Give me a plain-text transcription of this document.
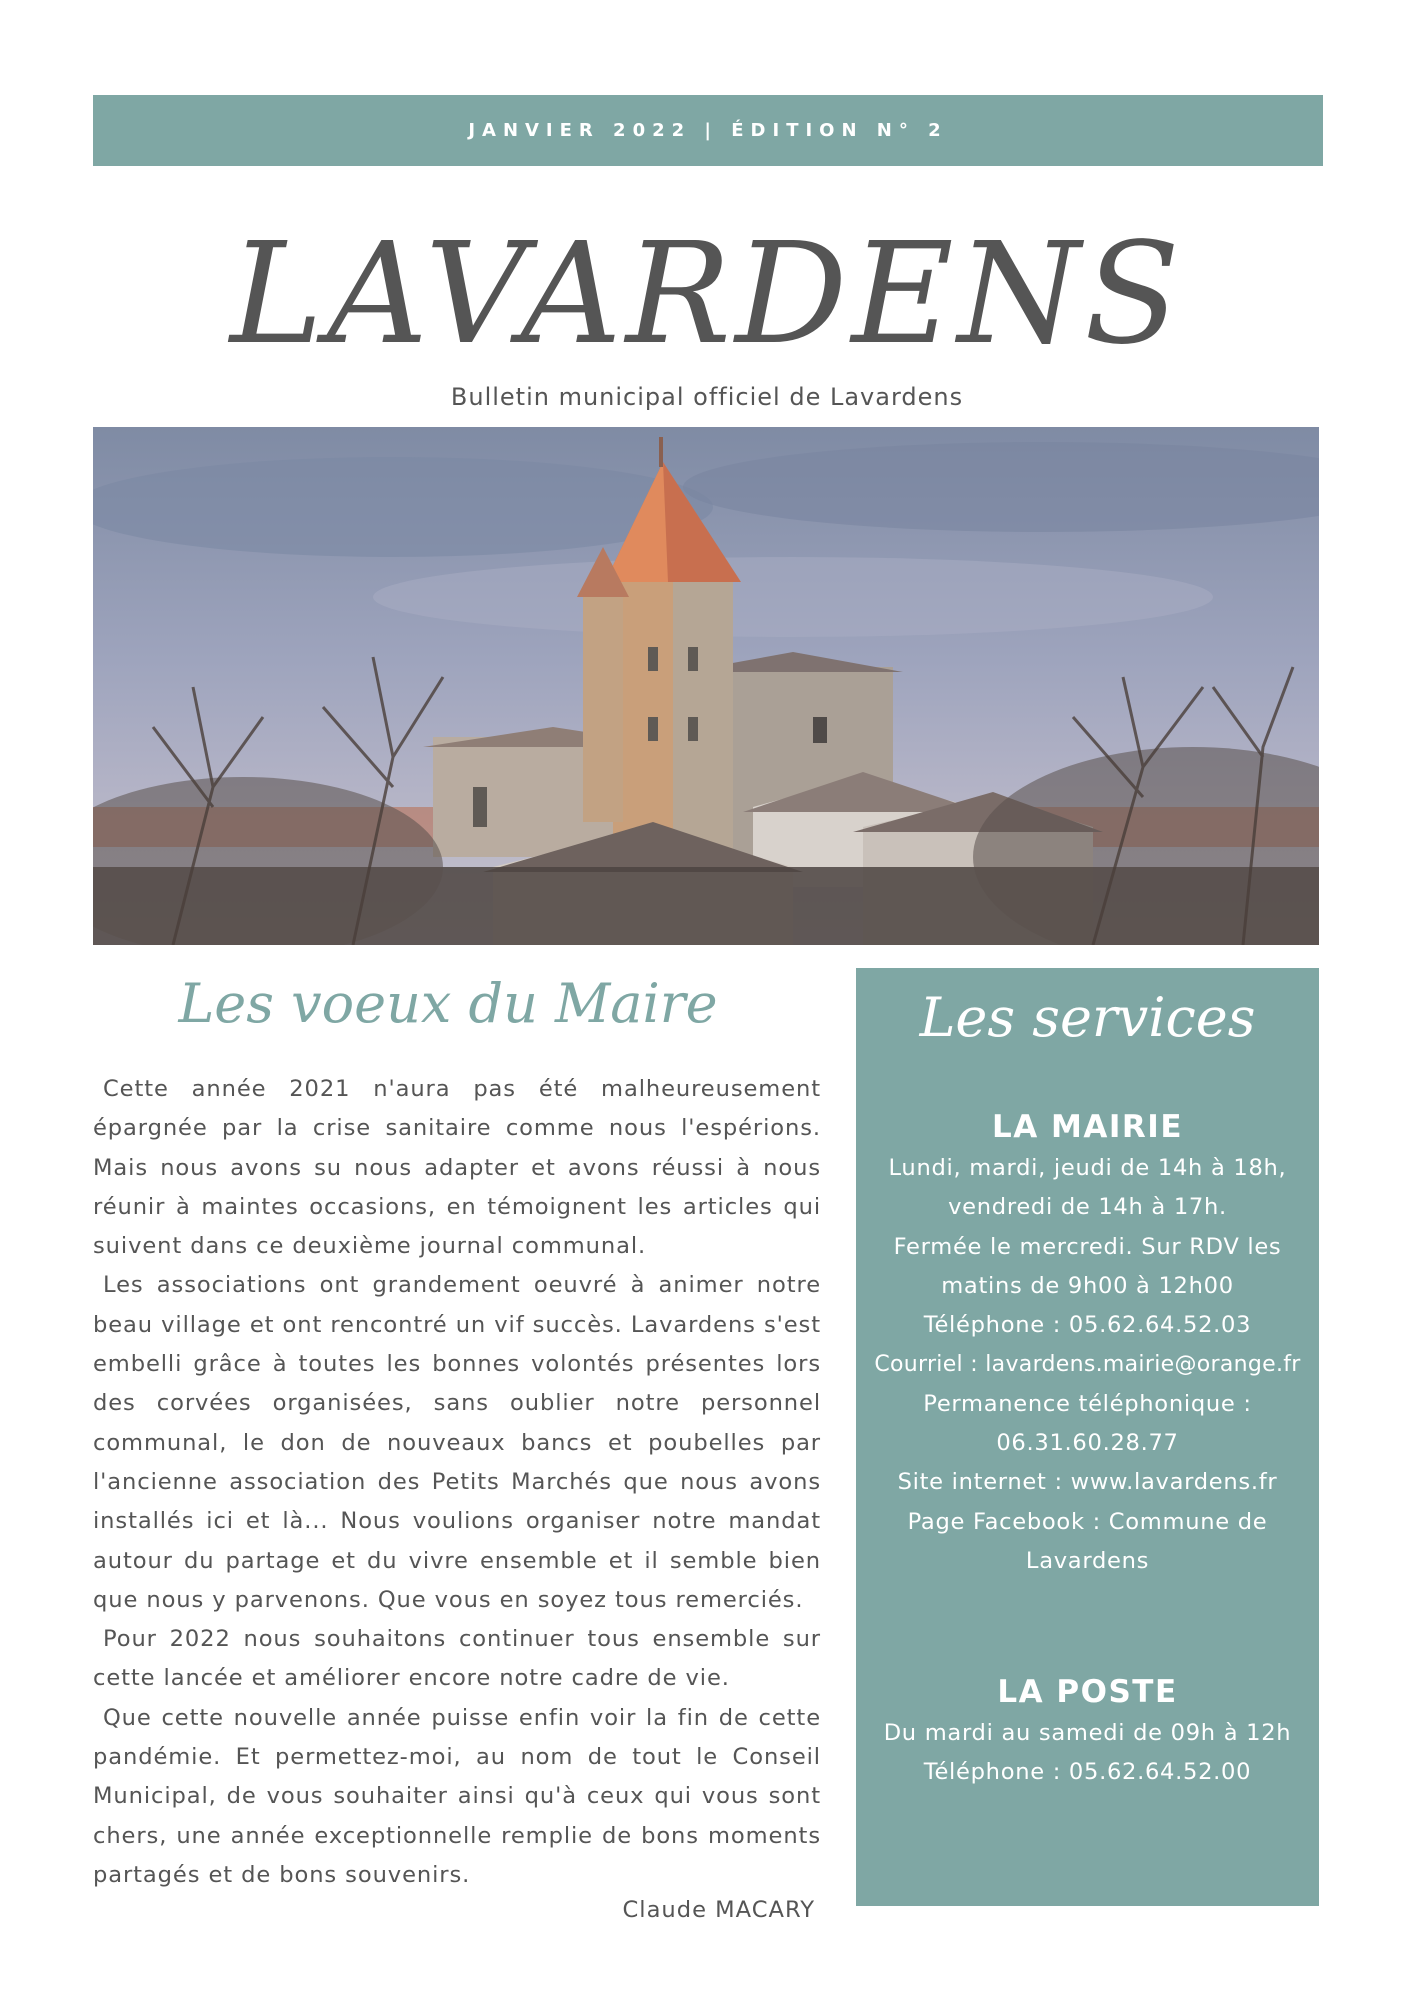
JANVIER 2022 | ÉDITION N° 2
LAVARDENS
Bulletin municipal officiel de Lavardens
Les voeux du Maire

Cette année 2021 n'aura pas été malheureusement épargnée par la crise sanitaire comme nous l'espérions. Mais nous avons su nous adapter et avons réussi à nous réunir à maintes occasions, en témoignent les articles qui suivent dans ce deuxième journal communal.

Les associations ont grandement oeuvré à animer notre beau village et ont rencontré un vif succès. Lavardens s'est embelli grâce à toutes les bonnes volontés présentes lors des corvées organisées, sans oublier notre personnel communal, le don de nouveaux bancs et poubelles par l'ancienne association des Petits Marchés que nous avons installés ici et là... Nous voulions organiser notre mandat autour du partage et du vivre ensemble et il semble bien que nous y parvenons. Que vous en soyez tous remerciés.

Pour 2022 nous souhaitons continuer tous ensemble sur cette lancée et améliorer encore notre cadre de vie.

Que cette nouvelle année puisse enfin voir la fin de cette pandémie. Et permettez-moi, au nom de tout le Conseil Municipal, de vous souhaiter ainsi qu'à ceux qui vous sont chers, une année exceptionnelle remplie de bons moments partagés et de bons souvenirs.

Claude MACARY
Les services
LA MAIRIE
Lundi, mardi, jeudi de 14h à 18h,
vendredi de 14h à 17h.
Fermée le mercredi. Sur RDV les
matins de 9h00 à 12h00
Téléphone : 05.62.64.52.03
Courriel : lavardens.mairie@orange.fr
Permanence téléphonique :
06.31.60.28.77
Site internet : www.lavardens.fr
Page Facebook : Commune de
Lavardens
LA POSTE
Du mardi au samedi de 09h à 12h
Téléphone : 05.62.64.52.00
